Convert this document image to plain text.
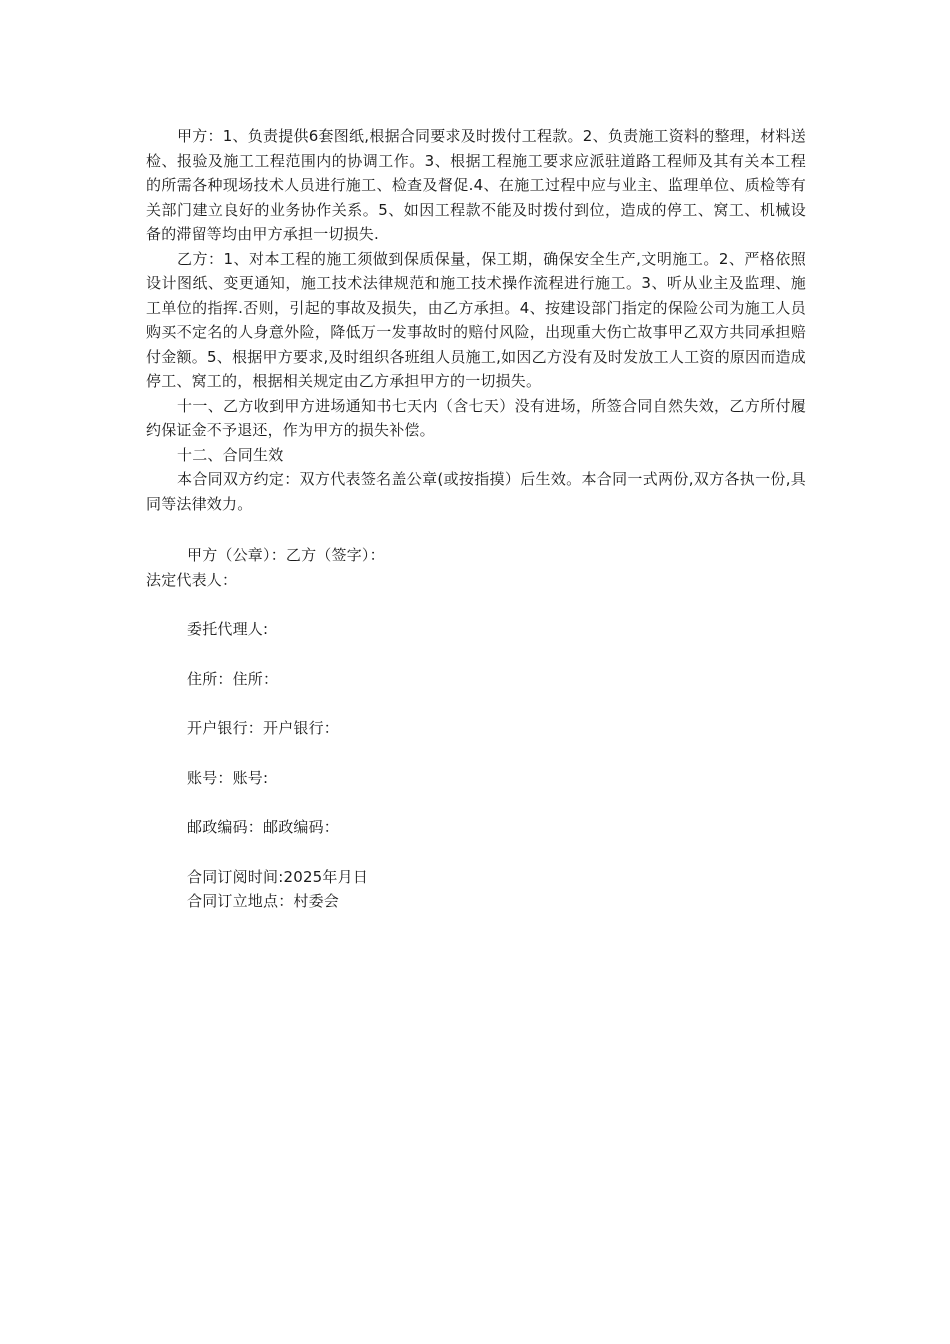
甲方：1、负责提供6套图纸,根据合同要求及时拨付工程款。2、负责施工资料的整理，材料送检、报验及施工工程范围内的协调工作。3、根据工程施工要求应派驻道路工程师及其有关本工程的所需各种现场技术人员进行施工、检查及督促.4、在施工过程中应与业主、监理单位、质检等有关部门建立良好的业务协作关系。5、如因工程款不能及时拨付到位，造成的停工、窝工、机械设备的滞留等均由甲方承担一切损失.

乙方：1、对本工程的施工须做到保质保量，保工期，确保安全生产,文明施工。2、严格依照设计图纸、变更通知，施工技术法律规范和施工技术操作流程进行施工。3、听从业主及监理、施工单位的指挥.否则，引起的事故及损失，由乙方承担。4、按建设部门指定的保险公司为施工人员购买不定名的人身意外险，降低万一发事故时的赔付风险，出现重大伤亡故事甲乙双方共同承担赔付金额。5、根据甲方要求,及时组织各班组人员施工,如因乙方没有及时发放工人工资的原因而造成停工、窝工的，根据相关规定由乙方承担甲方的一切损失。

十一、乙方收到甲方进场通知书七天内（含七天）没有进场，所签合同自然失效，乙方所付履约保证金不予退还，作为甲方的损失补偿。

十二、合同生效

本合同双方约定：双方代表签名盖公章(或按指摸）后生效。本合同一式两份,双方各执一份,具同等法律效力。

甲方（公章）：乙方（签字）：

法定代表人：

委托代理人:

住所：住所：

开户银行：开户银行：

账号：账号:

邮政编码：邮政编码：

合同订阅时间:2025年月日

合同订立地点：村委会
